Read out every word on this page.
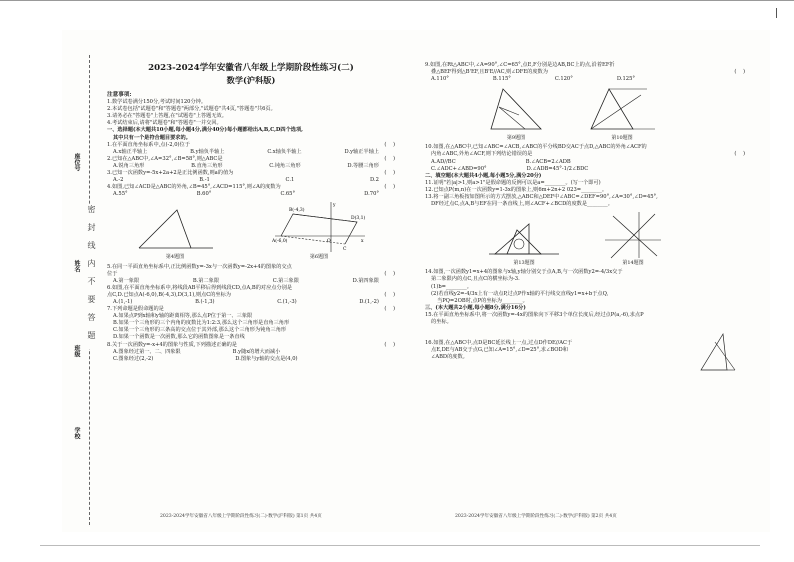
座位号
姓名
班级
学校
密封线内不要答题
2023-2024学年安徽省八年级上学期阶段性练习(二)
数学(沪科版)
注意事项:
1.数学试卷满分150分,考试时间120分钟。
2.本试卷包括"试题卷"和"答题卷"两部分,"试题卷"共4页,"答题卷"共6页。
3.请务必在"答题卷"上答题,在"试题卷"上答题无效。
4.考试结束后,请将"试题卷"和"答题卷"一并交回。
一、选择题(本大题共10小题,每小题4分,满分40分)每小题都给出A,B,C,D四个选项,
其中只有一个是符合题目要求的。
1.在平面直角坐标系中,点(-2,0)位于	(    )
A.x轴正半轴上	B.y轴负半轴上	C.x轴负半轴上	D.y轴正半轴上
2.已知在△ABC中,∠A=32°,∠B=58°,则△ABC是	(    )
A.锐角三角形	B.直角三角形	C.钝角三角形	D.等腰三角形
3.已知一次函数y=-5x+2a+2是正比例函数,则a的值为	(    )
A.-2	B.-1	C.1	D.2
4.如图,已知∠ACD是△ABC的外角,∠B=45°,∠ACD=115°,则∠A的度数为	(    )
A.55°	B.60°	C.65°	D.70°
第4题图
B(-4,3)
D(3,1)
A(-6,0)
C
O	x
y
第6题图
5.在同一平面直角坐标系中,正比例函数y=-3x与一次函数y=-2x+4的图象的交点
位于	(    )
A.第一象限	B.第二象限	C.第三象限	D.第四象限
6.如图,在平面直角坐标系中,将线段AB平移后得到线段CD,点A,B的对应点分别是
点C,D.已知点A(-6,0),B(-4,3),D(3,1),则点C的坐标为	(    )
A.(1,-1)	B.(-1,3)	C.(1,-3)	D.(1,-2)
7.下列命题是假命题的是	(    )
A.如果点P到x轴和y轴的距离相等,那么点P位于第一、三象限
B.如果一个三角形的三个内角的度数比为1:2:3,那么这个三角形是直角三角形
C.如果一个三角形的三条高的交点位于其外部,那么这个三角形为钝角三角形
D.如果一个函数是一次函数,那么它的函数图象是一条直线
8.关于一次函数y=-x+4的图象与性质,下列描述正确的是	(    )
A.图象经过第一、二、四象限	B.y随x的增大而减小
C.图象经过(2,-2)	D.图象与y轴的交点是(4,0)
2023-2024学年安徽省八年级上学期阶段性练习(二)·数学(沪科版) 第1页 共4页
9.如图,在Rt△ABC中,∠A=90°,∠C=65°,点E,F分别是边AB,BC上的点,沿着EF折
叠△BEF得到△B'EF,且B'E//AC,则∠DFE的度数为	(    )
A.110°	B.115°	C.120°	D.125°
第9题图	第10题图
10.如图,在△ABC中,已知∠ABC=∠ACB,∠ABC的平分线BD交AC于点D,△ABC的外角∠ACF的
内角∠ABC,外角∠ACF,则下列结论错误的是	(    )
A.AD//BC	B.∠ACB=2∠ADB
C.∠ADC+∠ABD=90°	D.∠ADB=45°-1/2∠BDC
二、填空题(本大题共4小题,每小题5分,满分20分)
11.证明"若|a|>1,则a>1"是假命题的反例可以是a=________。(写一个即可)
12.已知点P(m,n)在一次函数y=1-3x的图象上,则6m+2n+2 023=________。
13.将一副三角板按如图所示的方式摆放,△ABC和△DEF中∠ABC=∠DEF=90°,∠A=30°,∠D=45°,
DF经过点C,点A,B与EF在同一条直线上,则∠ACF+∠BCD的度数是________。
第13题图	第14题图
14.如图,一次函数y1=x+4的图象与x轴,y轴分别交于点A,B,与一次函数y2=-4/3x交于
第二象限内的点C,且点C的横坐标为-3.
(1)b=________。
(2)若直线y2=-4/3x上有一动点P,过点P作x轴的平行线交直线y1=x+b于点Q,
当PQ=2OB时,点P的坐标为________。
三、(本大题共2小题,每小题8分,满分16分)
15.在平面直角坐标系中,将一次函数y=-4x的图象向下平移3个单位长度后,经过点P(a,-6),求点P
的坐标。
16.如图,在△ABC中,点D是BC延长线上一点,过点D作DE//AC于
点E,DE与AB交于点G,已知∠A=15°,∠D=25°,求∠BOD和
∠ABD的度数。
2023-2024学年安徽省八年级上学期阶段性练习(二)·数学(沪科版) 第2页 共4页
